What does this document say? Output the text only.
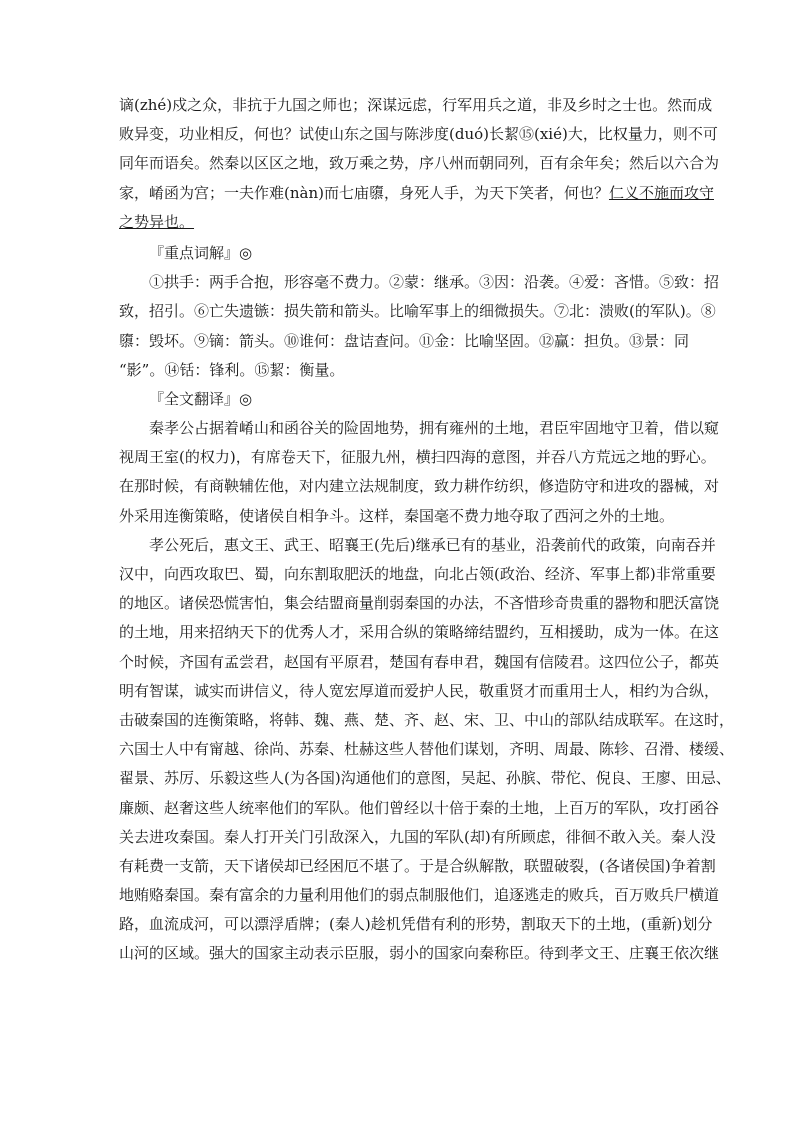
谪(zhé)戍之众，非抗于九国之师也；深谋远虑，行军用兵之道，非及乡时之士也。然而成
败异变，功业相反，何也？试使山东之国与陈涉度(duó)长絜⑮(xié)大，比权量力，则不可
同年而语矣。然秦以区区之地，致万乘之势，序八州而朝同列，百有余年矣；然后以六合为
家，崤函为宫；一夫作难(nàn)而七庙隳，身死人手，为天下笑者，何也？仁义不施而攻守
之势异也。
『重点词解』◎
①拱手：两手合抱，形容毫不费力。②蒙：继承。③因：沿袭。④爱：吝惜。⑤致：招
致，招引。⑥亡失遗镞：损失箭和箭头。比喻军事上的细微损失。⑦北：溃败(的军队)。⑧
隳：毁坏。⑨镝：箭头。⑩谁何：盘诘查问。⑪金：比喻坚固。⑫赢：担负。⑬景：同
“影”。⑭铦：锋利。⑮絜：衡量。
『全文翻译』◎
秦孝公占据着崤山和函谷关的险固地势，拥有雍州的土地，君臣牢固地守卫着，借以窥
视周王室(的权力)，有席卷天下，征服九州，横扫四海的意图，并吞八方荒远之地的野心。
在那时候，有商鞅辅佐他，对内建立法规制度，致力耕作纺织，修造防守和进攻的器械，对
外采用连衡策略，使诸侯自相争斗。这样，秦国毫不费力地夺取了西河之外的土地。
孝公死后，惠文王、武王、昭襄王(先后)继承已有的基业，沿袭前代的政策，向南吞并
汉中，向西攻取巴、蜀，向东割取肥沃的地盘，向北占领(政治、经济、军事上都)非常重要
的地区。诸侯恐慌害怕，集会结盟商量削弱秦国的办法，不吝惜珍奇贵重的器物和肥沃富饶
的土地，用来招纳天下的优秀人才，采用合纵的策略缔结盟约，互相援助，成为一体。在这
个时候，齐国有孟尝君，赵国有平原君，楚国有春申君，魏国有信陵君。这四位公子，都英
明有智谋，诚实而讲信义，待人宽宏厚道而爱护人民，敬重贤才而重用士人，相约为合纵，
击破秦国的连衡策略，将韩、魏、燕、楚、齐、赵、宋、卫、中山的部队结成联军。在这时，
六国士人中有甯越、徐尚、苏秦、杜赫这些人替他们谋划，齐明、周最、陈轸、召滑、楼缓、
翟景、苏厉、乐毅这些人(为各国)沟通他们的意图，吴起、孙膑、带佗、倪良、王廖、田忌、
廉颇、赵奢这些人统率他们的军队。他们曾经以十倍于秦的土地，上百万的军队，攻打函谷
关去进攻秦国。秦人打开关门引敌深入，九国的军队(却)有所顾虑，徘徊不敢入关。秦人没
有耗费一支箭，天下诸侯却已经困厄不堪了。于是合纵解散，联盟破裂，(各诸侯国)争着割
地贿赂秦国。秦有富余的力量利用他们的弱点制服他们，追逐逃走的败兵，百万败兵尸横道
路，血流成河，可以漂浮盾牌；(秦人)趁机凭借有利的形势，割取天下的土地，(重新)划分
山河的区域。强大的国家主动表示臣服，弱小的国家向秦称臣。待到孝文王、庄襄王依次继
